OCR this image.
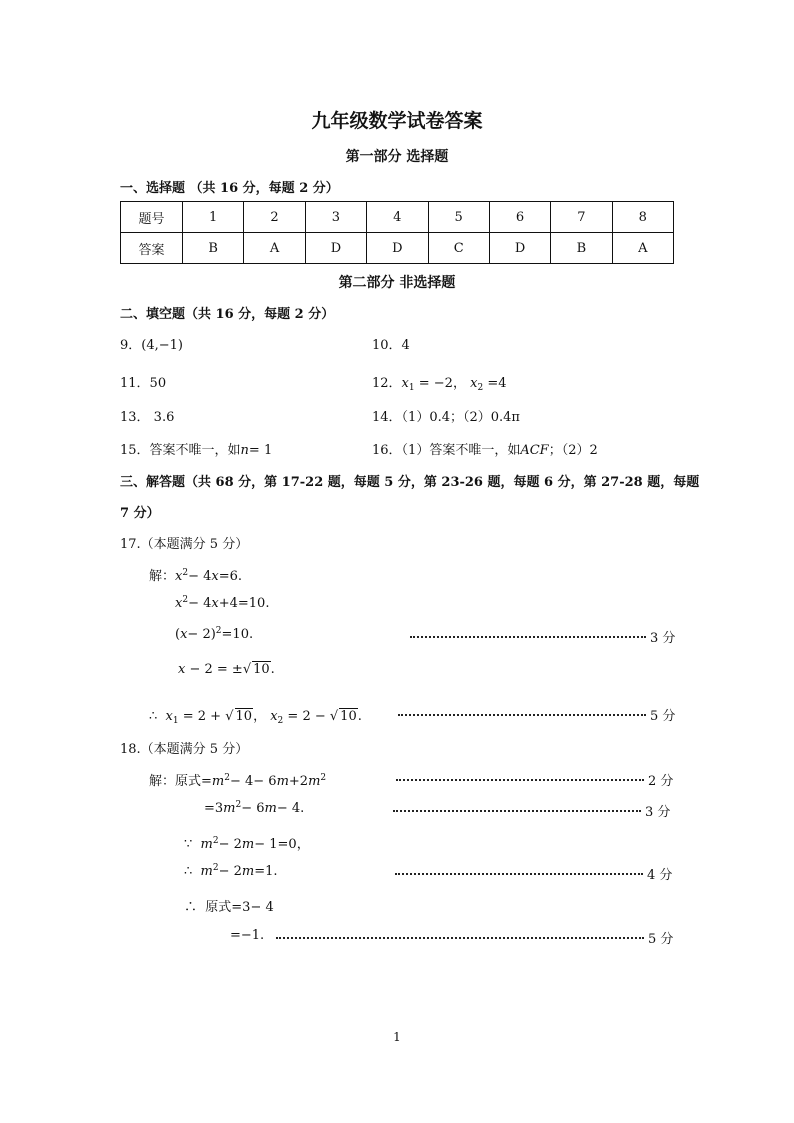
九年级数学试卷答案
第一部分 选择题
一、选择题 （共 16 分，每题 2 分）
题号	1	2	3	4	5	6	7	8
答案	B	A	D	D	C	D	B	A
第二部分 非选择题
二、填空题（共 16 分，每题 2 分）
9．(4,−1)	10．4
11．50	12．$x_1 = -2$， $x_2 =4$
13． 3.6	14．（1）0.4；（2）0.4π
15．答案不唯一，如n= 1	16．（1）答案不唯一，如ACF；（2）2
三、解答题（共 68 分，第 17-22 题，每题 5 分，第 23-26 题，每题 6 分，第 27-28 题，每题
7 分）
17.（本题满分 5 分）
解：$x^2- 4x=6$.
$x^2- 4x+4=10$.
$(x- 2)^2=10$.	3 分
x − 2 = ±√ 10.
∴ $x_1 = 2$ + √ 10， $x_2 = 2$ − √ 10.	5 分
18.（本题满分 5 分）
解：原式$=m^2- 4- 6m+2m^2$	2 分
$=3m^2- 6m- 4$.	3 分
∵ $m^2- 2m- 1=0$，
∴ $m^2- 2m=1$.	4 分
∴ 原式=3− 4
=−1.	5 分
1
